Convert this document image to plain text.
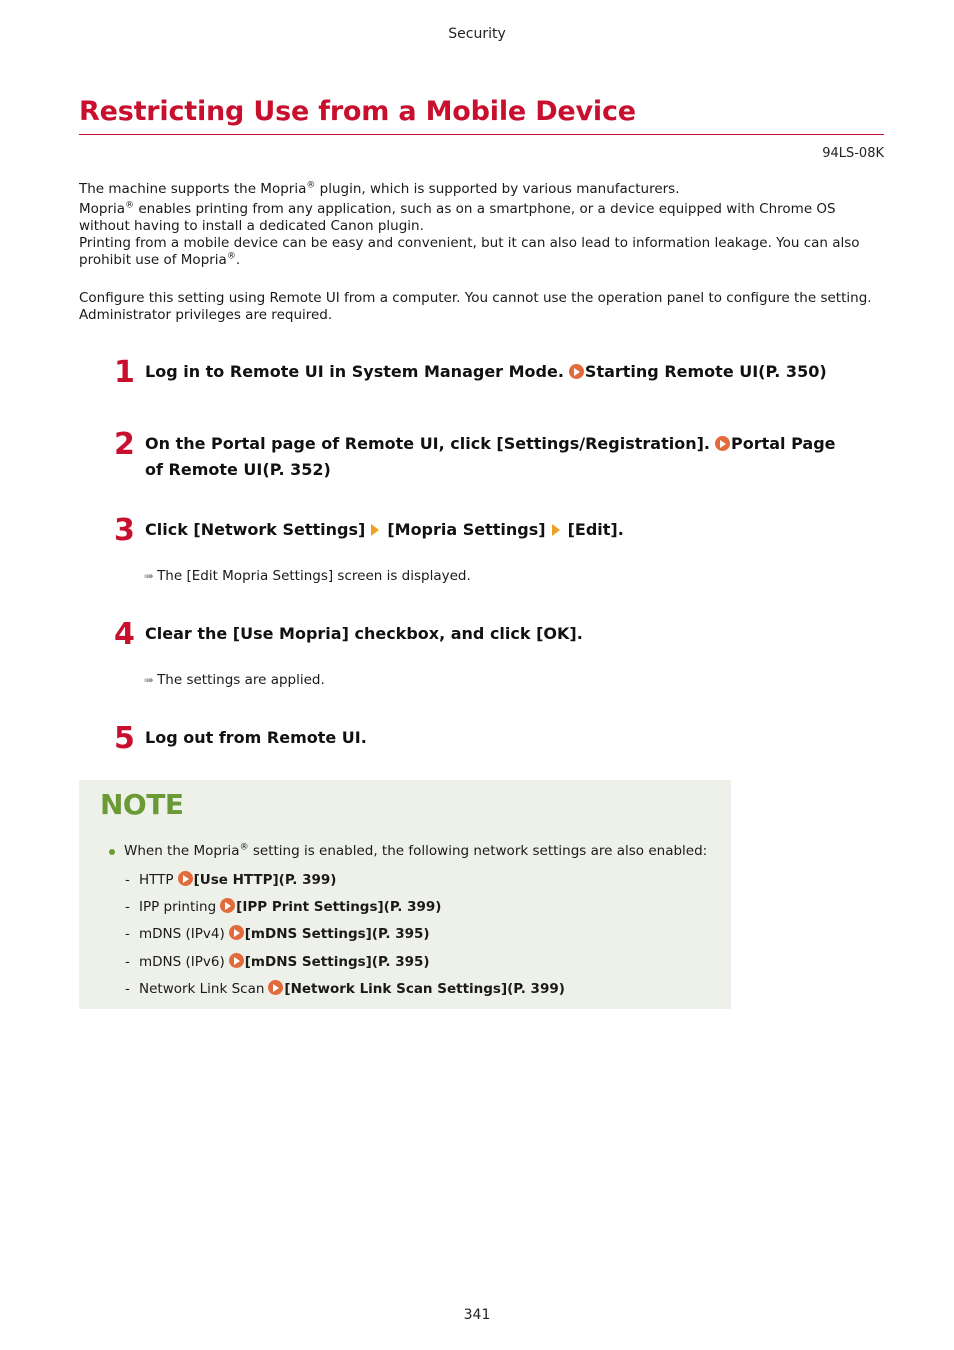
Security
Restricting Use from a Mobile Device
94LS-08K
The machine supports the Mopria® plugin, which is supported by various manufacturers.
Mopria® enables printing from any application, such as on a smartphone, or a device equipped with Chrome OS without having to install a dedicated Canon plugin.
Printing from a mobile device can be easy and convenient, but it can also lead to information leakage. You can also prohibit use of Mopria®.
Configure this setting using Remote UI from a computer. You cannot use the operation panel to configure the setting. Administrator privileges are required.
1 Log in to Remote UI in System Manager Mode. Starting Remote UI(P. 350)
2 On the Portal page of Remote UI, click [Settings/Registration]. Portal Page of Remote UI(P. 352)
3 Click [Network Settings] [Mopria Settings] [Edit].
➠ The [Edit Mopria Settings] screen is displayed.
4 Clear the [Use Mopria] checkbox, and click [OK].
➠ The settings are applied.
5 Log out from Remote UI.
NOTE
When the Mopria® setting is enabled, the following network settings are also enabled:
- HTTP [Use HTTP](P. 399)
- IPP printing [IPP Print Settings](P. 399)
- mDNS (IPv4) [mDNS Settings](P. 395)
- mDNS (IPv6) [mDNS Settings](P. 395)
- Network Link Scan [Network Link Scan Settings](P. 399)
341
